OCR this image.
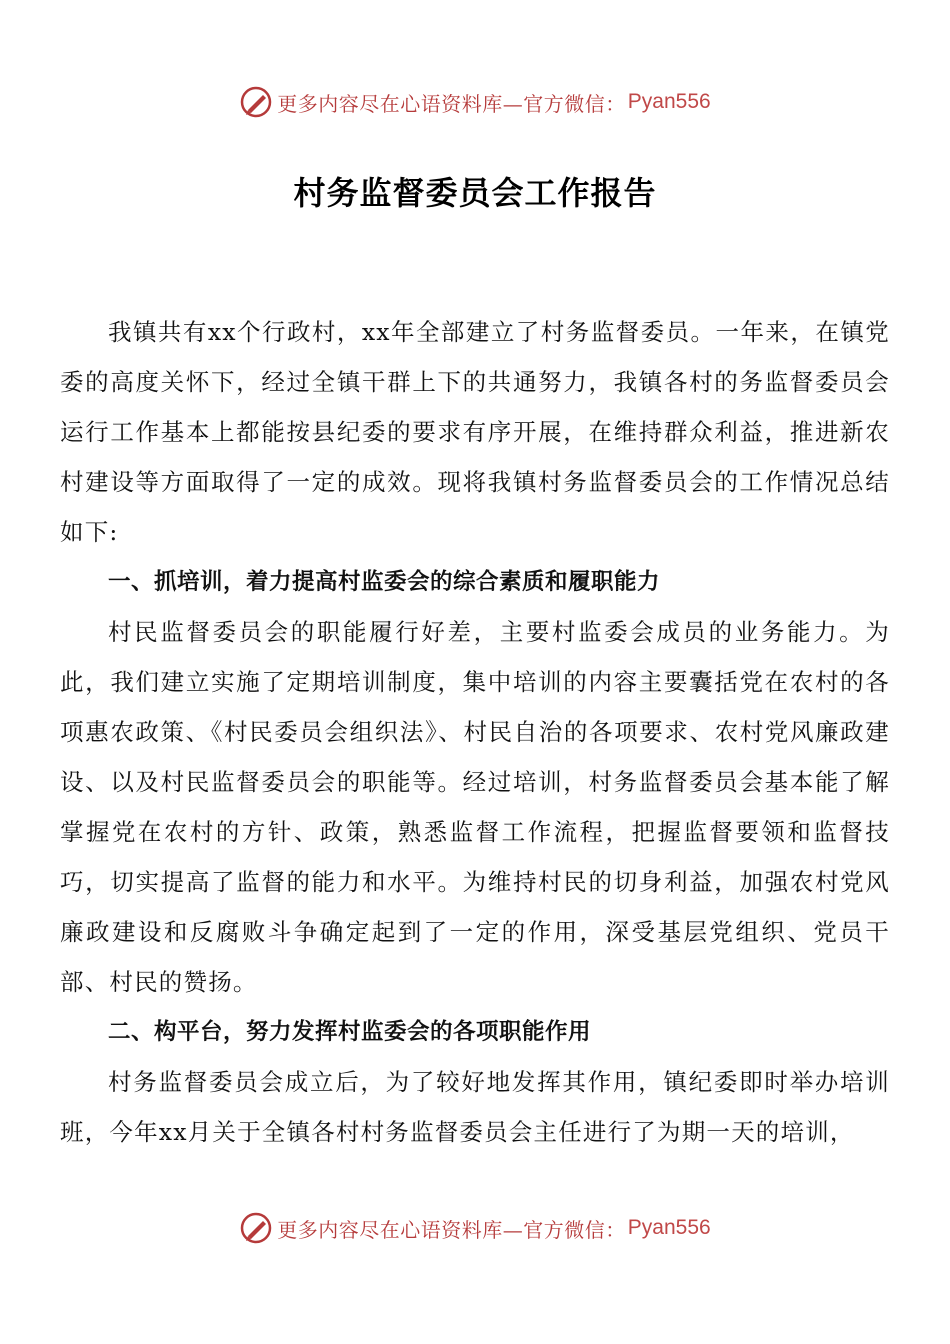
更多内容尽在心语资料库—官方微信： Pyan556
村务监督委员会工作报告

我镇共有xx个行政村，xx年全部建立了村务监督委员。一年来，在镇党委的高度关怀下，经过全镇干群上下的共通努力，我镇各村的务监督委员会运行工作基本上都能按县纪委的要求有序开展，在维持群众利益，推进新农村建设等方面取得了一定的成效。现将我镇村务监督委员会的工作情况总结如下:

一、抓培训，着力提高村监委会的综合素质和履职能力

村民监督委员会的职能履行好差，主要村监委会成员的业务能力。为此，我们建立实施了定期培训制度，集中培训的内容主要囊括党在农村的各项惠农政策、《村民委员会组织法》、村民自治的各项要求、农村党风廉政建设、以及村民监督委员会的职能等。经过培训，村务监督委员会基本能了解掌握党在农村的方针、政策，熟悉监督工作流程，把握监督要领和监督技巧，切实提高了监督的能力和水平。为维持村民的切身利益，加强农村党风廉政建设和反腐败斗争确定起到了一定的作用，深受基层党组织、党员干部、村民的赞扬。

二、构平台，努力发挥村监委会的各项职能作用

村务监督委员会成立后，为了较好地发挥其作用，镇纪委即时举办培训班，今年xx月关于全镇各村村务监督委员会主任进行了为期一天的培训，

更多内容尽在心语资料库—官方微信： Pyan556
